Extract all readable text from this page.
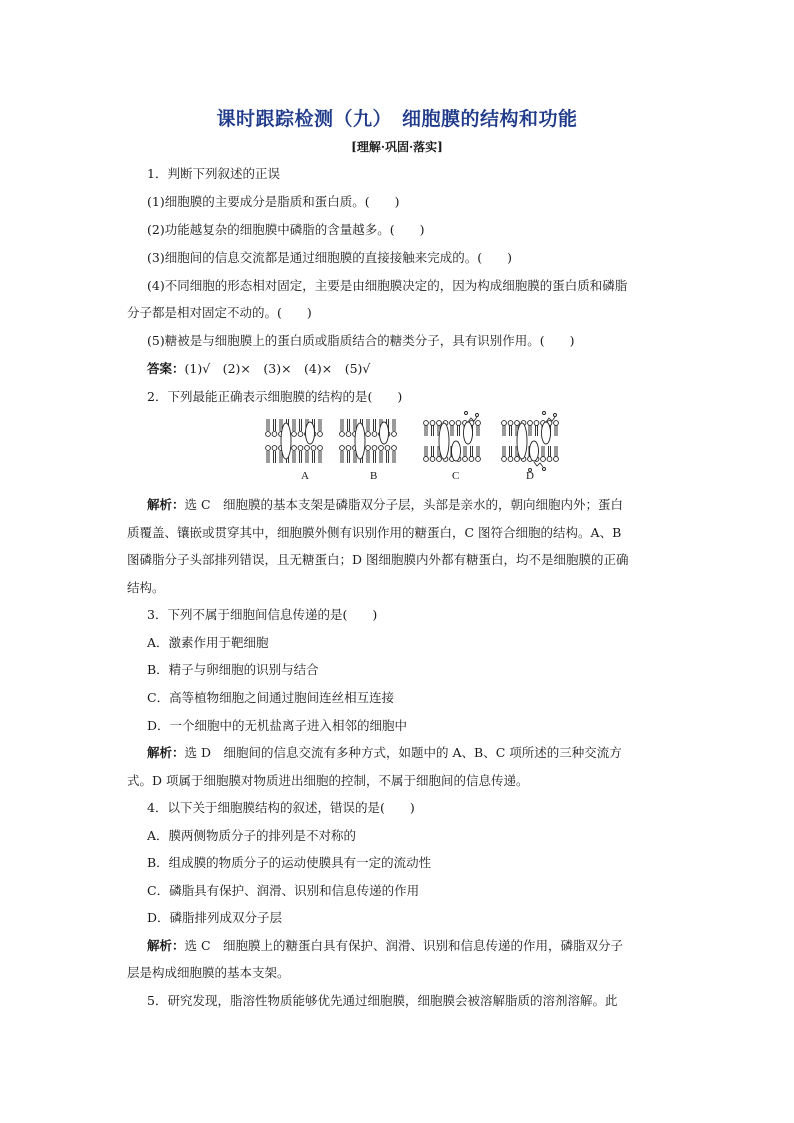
课时跟踪检测（九）　细胞膜的结构和功能
[理解·巩固·落实]
1．判断下列叙述的正误
(1)细胞膜的主要成分是脂质和蛋白质。(　　)
(2)功能越复杂的细胞膜中磷脂的含量越多。(　　)
(3)细胞间的信息交流都是通过细胞膜的直接接触来完成的。(　　)
(4)不同细胞的形态相对固定，主要是由细胞膜决定的，因为构成细胞膜的蛋白质和磷脂
分子都是相对固定不动的。(　　)
(5)糖被是与细胞膜上的蛋白质或脂质结合的糖类分子，具有识别作用。(　　)
答案：(1)√　(2)×　(3)×　(4)×　(5)√
2．下列最能正确表示细胞膜的结构的是(　　)
A	B	C	D
解析：选 C　细胞膜的基本支架是磷脂双分子层，头部是亲水的，朝向细胞内外；蛋白
质覆盖、镶嵌或贯穿其中，细胞膜外侧有识别作用的糖蛋白，C 图符合细胞的结构。A、B
图磷脂分子头部排列错误，且无糖蛋白；D 图细胞膜内外都有糖蛋白，均不是细胞膜的正确
结构。
3．下列不属于细胞间信息传递的是(　　)
A．激素作用于靶细胞
B．精子与卵细胞的识别与结合
C．高等植物细胞之间通过胞间连丝相互连接
D．一个细胞中的无机盐离子进入相邻的细胞中
解析：选 D　细胞间的信息交流有多种方式，如题中的 A、B、C 项所述的三种交流方
式。D 项属于细胞膜对物质进出细胞的控制，不属于细胞间的信息传递。
4．以下关于细胞膜结构的叙述，错误的是(　　)
A．膜两侧物质分子的排列是不对称的
B．组成膜的物质分子的运动使膜具有一定的流动性
C．磷脂具有保护、润滑、识别和信息传递的作用
D．磷脂排列成双分子层
解析：选 C　细胞膜上的糖蛋白具有保护、润滑、识别和信息传递的作用，磷脂双分子
层是构成细胞膜的基本支架。
5．研究发现，脂溶性物质能够优先通过细胞膜，细胞膜会被溶解脂质的溶剂溶解。此
